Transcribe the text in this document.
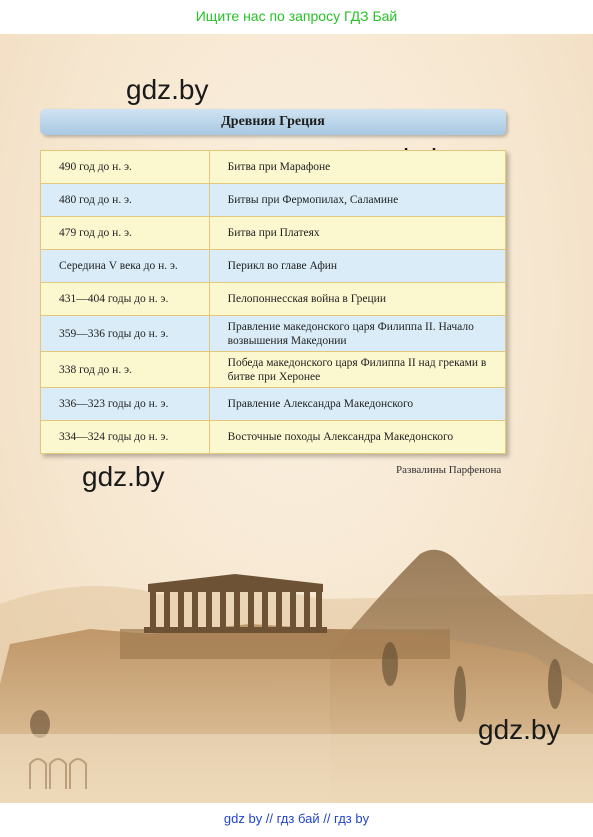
Ищите нас по запросу ГДЗ Бай
gdz.by
gdz.by
Древняя Греция
490 год до н. э.	Битва при Марафоне
480 год до н. э.	Битвы при Фермопилах, Саламине
479 год до н. э.	Битва при Платеях
Середина V века до н. э.	Перикл во главе Афин
431—404 годы до н. э.	Пелопоннесская война в Греции
359—336 годы до н. э.	Правление македонского царя Филиппа II. Начало возвышения Македонии
338 год до н. э.	Победа македонского царя Филиппа II над греками в битве при Херонее
336—323 годы до н. э.	Правление Александра Македонского
334—324 годы до н. э.	Восточные походы Александра Македонского
Развалины Парфенона
gdz.by
gdz by // гдз бай // гдз by
